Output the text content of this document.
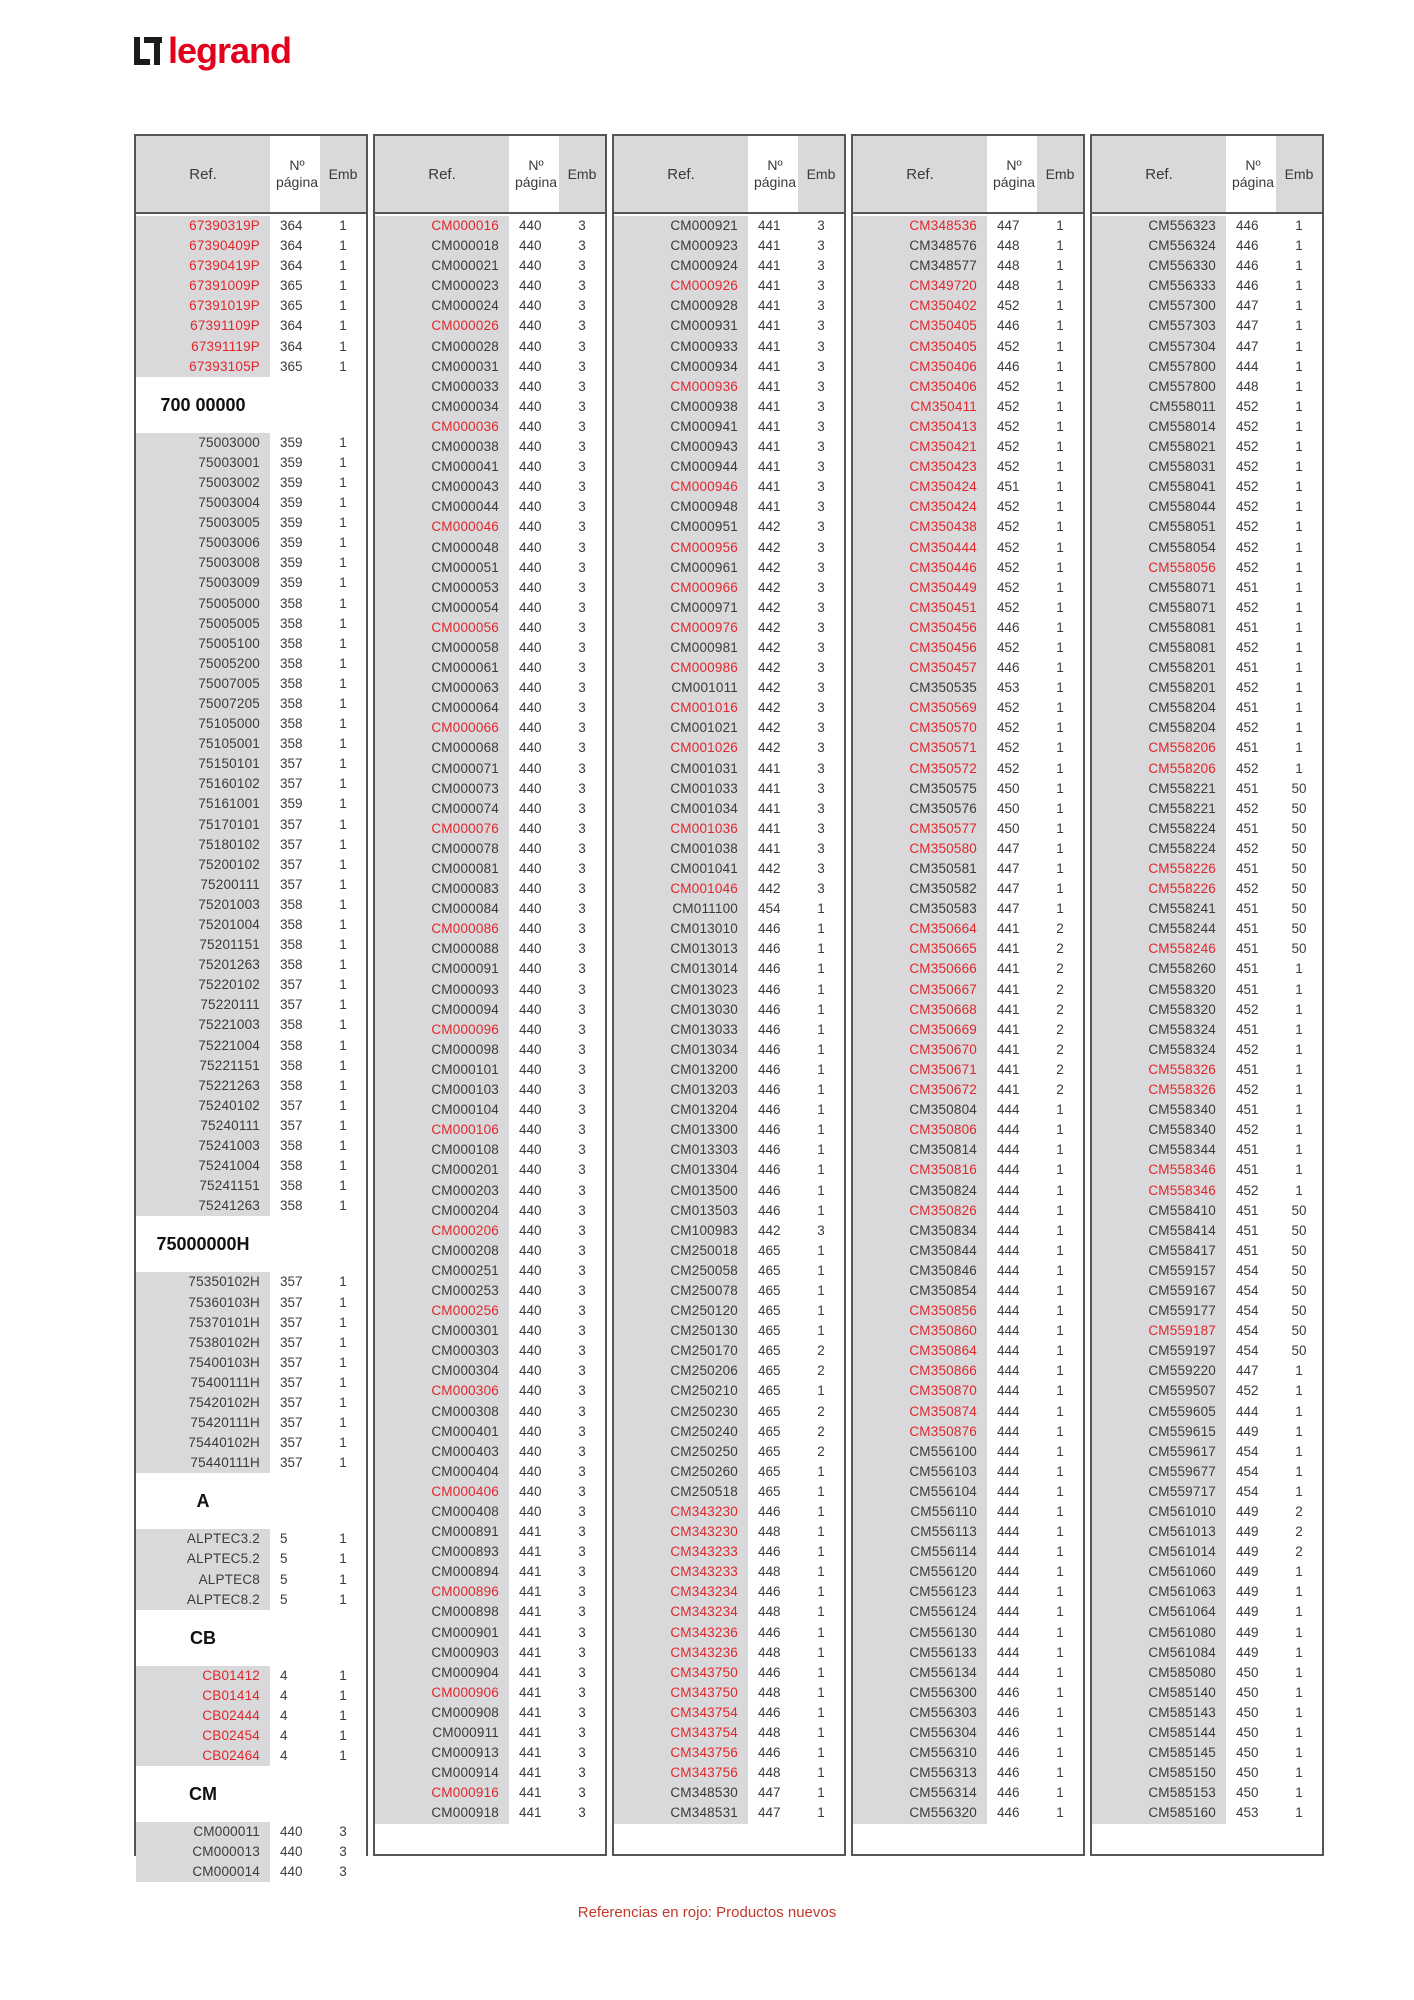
legrand
Ref.
Nº
página Emb
67390319P	364	1
67390409P	364	1
67390419P	364	1
67391009P	365	1
67391019P	365	1
67391109P	364	1
67391119P	364	1
67393105P	365	1
700 00000
75003000	359	1
75003001	359	1
75003002	359	1
75003004	359	1
75003005	359	1
75003006	359	1
75003008	359	1
75003009	359	1
75005000	358	1
75005005	358	1
75005100	358	1
75005200	358	1
75007005	358	1
75007205	358	1
75105000	358	1
75105001	358	1
75150101	357	1
75160102	357	1
75161001	359	1
75170101	357	1
75180102	357	1
75200102	357	1
75200111	357	1
75201003	358	1
75201004	358	1
75201151	358	1
75201263	358	1
75220102	357	1
75220111	357	1
75221003	358	1
75221004	358	1
75221151	358	1
75221263	358	1
75240102	357	1
75240111	357	1
75241003	358	1
75241004	358	1
75241151	358	1
75241263	358	1
75000000H
75350102H	357	1
75360103H	357	1
75370101H	357	1
75380102H	357	1
75400103H	357	1
75400111H	357	1
75420102H	357	1
75420111H	357	1
75440102H	357	1
75440111H	357	1
A
ALPTEC3.2	5	1
ALPTEC5.2	5	1
ALPTEC8	5	1
ALPTEC8.2	5	1
CB
CB01412	4	1
CB01414	4	1
CB02444	4	1
CB02454	4	1
CB02464	4	1
CM
CM000011	440	3
CM000013	440	3
CM000014	440	3
Ref.
Nº
página Emb
CM000016	440	3
CM000018	440	3
CM000021	440	3
CM000023	440	3
CM000024	440	3
CM000026	440	3
CM000028	440	3
CM000031	440	3
CM000033	440	3
CM000034	440	3
CM000036	440	3
CM000038	440	3
CM000041	440	3
CM000043	440	3
CM000044	440	3
CM000046	440	3
CM000048	440	3
CM000051	440	3
CM000053	440	3
CM000054	440	3
CM000056	440	3
CM000058	440	3
CM000061	440	3
CM000063	440	3
CM000064	440	3
CM000066	440	3
CM000068	440	3
CM000071	440	3
CM000073	440	3
CM000074	440	3
CM000076	440	3
CM000078	440	3
CM000081	440	3
CM000083	440	3
CM000084	440	3
CM000086	440	3
CM000088	440	3
CM000091	440	3
CM000093	440	3
CM000094	440	3
CM000096	440	3
CM000098	440	3
CM000101	440	3
CM000103	440	3
CM000104	440	3
CM000106	440	3
CM000108	440	3
CM000201	440	3
CM000203	440	3
CM000204	440	3
CM000206	440	3
CM000208	440	3
CM000251	440	3
CM000253	440	3
CM000256	440	3
CM000301	440	3
CM000303	440	3
CM000304	440	3
CM000306	440	3
CM000308	440	3
CM000401	440	3
CM000403	440	3
CM000404	440	3
CM000406	440	3
CM000408	440	3
CM000891	441	3
CM000893	441	3
CM000894	441	3
CM000896	441	3
CM000898	441	3
CM000901	441	3
CM000903	441	3
CM000904	441	3
CM000906	441	3
CM000908	441	3
CM000911	441	3
CM000913	441	3
CM000914	441	3
CM000916	441	3
CM000918	441	3
Ref.
Nº
página Emb
CM000921	441	3
CM000923	441	3
CM000924	441	3
CM000926	441	3
CM000928	441	3
CM000931	441	3
CM000933	441	3
CM000934	441	3
CM000936	441	3
CM000938	441	3
CM000941	441	3
CM000943	441	3
CM000944	441	3
CM000946	441	3
CM000948	441	3
CM000951	442	3
CM000956	442	3
CM000961	442	3
CM000966	442	3
CM000971	442	3
CM000976	442	3
CM000981	442	3
CM000986	442	3
CM001011	442	3
CM001016	442	3
CM001021	442	3
CM001026	442	3
CM001031	441	3
CM001033	441	3
CM001034	441	3
CM001036	441	3
CM001038	441	3
CM001041	442	3
CM001046	442	3
CM011100	454	1
CM013010	446	1
CM013013	446	1
CM013014	446	1
CM013023	446	1
CM013030	446	1
CM013033	446	1
CM013034	446	1
CM013200	446	1
CM013203	446	1
CM013204	446	1
CM013300	446	1
CM013303	446	1
CM013304	446	1
CM013500	446	1
CM013503	446	1
CM100983	442	3
CM250018	465	1
CM250058	465	1
CM250078	465	1
CM250120	465	1
CM250130	465	1
CM250170	465	2
CM250206	465	2
CM250210	465	1
CM250230	465	2
CM250240	465	2
CM250250	465	2
CM250260	465	1
CM250518	465	1
CM343230	446	1
CM343230	448	1
CM343233	446	1
CM343233	448	1
CM343234	446	1
CM343234	448	1
CM343236	446	1
CM343236	448	1
CM343750	446	1
CM343750	448	1
CM343754	446	1
CM343754	448	1
CM343756	446	1
CM343756	448	1
CM348530	447	1
CM348531	447	1
Ref.
Nº
página Emb
CM348536	447	1
CM348576	448	1
CM348577	448	1
CM349720	448	1
CM350402	452	1
CM350405	446	1
CM350405	452	1
CM350406	446	1
CM350406	452	1
CM350411	452	1
CM350413	452	1
CM350421	452	1
CM350423	452	1
CM350424	451	1
CM350424	452	1
CM350438	452	1
CM350444	452	1
CM350446	452	1
CM350449	452	1
CM350451	452	1
CM350456	446	1
CM350456	452	1
CM350457	446	1
CM350535	453	1
CM350569	452	1
CM350570	452	1
CM350571	452	1
CM350572	452	1
CM350575	450	1
CM350576	450	1
CM350577	450	1
CM350580	447	1
CM350581	447	1
CM350582	447	1
CM350583	447	1
CM350664	441	2
CM350665	441	2
CM350666	441	2
CM350667	441	2
CM350668	441	2
CM350669	441	2
CM350670	441	2
CM350671	441	2
CM350672	441	2
CM350804	444	1
CM350806	444	1
CM350814	444	1
CM350816	444	1
CM350824	444	1
CM350826	444	1
CM350834	444	1
CM350844	444	1
CM350846	444	1
CM350854	444	1
CM350856	444	1
CM350860	444	1
CM350864	444	1
CM350866	444	1
CM350870	444	1
CM350874	444	1
CM350876	444	1
CM556100	444	1
CM556103	444	1
CM556104	444	1
CM556110	444	1
CM556113	444	1
CM556114	444	1
CM556120	444	1
CM556123	444	1
CM556124	444	1
CM556130	444	1
CM556133	444	1
CM556134	444	1
CM556300	446	1
CM556303	446	1
CM556304	446	1
CM556310	446	1
CM556313	446	1
CM556314	446	1
CM556320	446	1
Ref.
Nº
página Emb
CM556323	446	1
CM556324	446	1
CM556330	446	1
CM556333	446	1
CM557300	447	1
CM557303	447	1
CM557304	447	1
CM557800	444	1
CM557800	448	1
CM558011	452	1
CM558014	452	1
CM558021	452	1
CM558031	452	1
CM558041	452	1
CM558044	452	1
CM558051	452	1
CM558054	452	1
CM558056	452	1
CM558071	451	1
CM558071	452	1
CM558081	451	1
CM558081	452	1
CM558201	451	1
CM558201	452	1
CM558204	451	1
CM558204	452	1
CM558206	451	1
CM558206	452	1
CM558221	451	50
CM558221	452	50
CM558224	451	50
CM558224	452	50
CM558226	451	50
CM558226	452	50
CM558241	451	50
CM558244	451	50
CM558246	451	50
CM558260	451	1
CM558320	451	1
CM558320	452	1
CM558324	451	1
CM558324	452	1
CM558326	451	1
CM558326	452	1
CM558340	451	1
CM558340	452	1
CM558344	451	1
CM558346	451	1
CM558346	452	1
CM558410	451	50
CM558414	451	50
CM558417	451	50
CM559157	454	50
CM559167	454	50
CM559177	454	50
CM559187	454	50
CM559197	454	50
CM559220	447	1
CM559507	452	1
CM559605	444	1
CM559615	449	1
CM559617	454	1
CM559677	454	1
CM559717	454	1
CM561010	449	2
CM561013	449	2
CM561014	449	2
CM561060	449	1
CM561063	449	1
CM561064	449	1
CM561080	449	1
CM561084	449	1
CM585080	450	1
CM585140	450	1
CM585143	450	1
CM585144	450	1
CM585145	450	1
CM585150	450	1
CM585153	450	1
CM585160	453	1
Referencias en rojo: Productos nuevos
